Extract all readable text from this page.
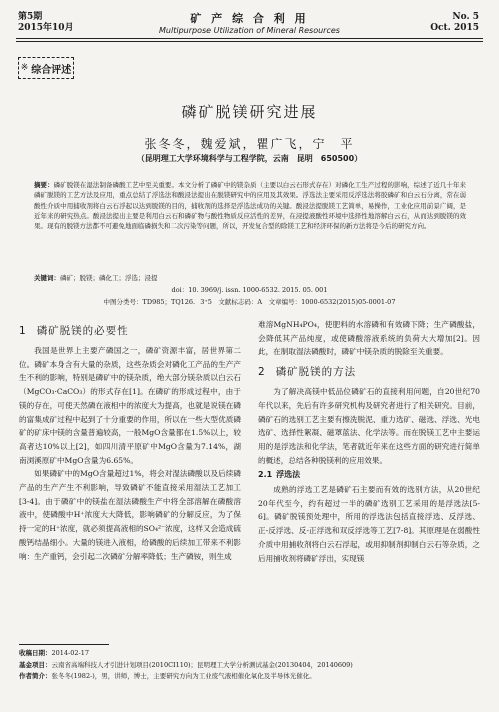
第5期
2015年10月
矿 产 综 合 利 用
Multipurpose Utilization of Mineral Resources
No. 5
Oct. 2015
※ 综合评述
磷矿脱镁研究进展
张冬冬，魏爱斌，瞿广飞，宁　平
（昆明理工大学环境科学与工程学院，云南　昆明　650500）
摘要：磷矿脱镁在湿法制备磷酸工艺中至关重要。本文分析了磷矿中的镁杂质（主要以白云石形式存在）对磷化工生产过程的影响，综述了近几十年来磷矿脱镁的工艺方法及应用，重点总结了浮选法和酸浸法提出在脱镁研究中的应用及其效果。浮选法主要采用反浮选法将胶磷矿和白云石分离，常在弱酸性介质中用捕收剂将白云石浮起以达到脱镁的目的，捕收剂的选择是浮选法成功的关键。酸浸法提脱镁工艺简单，易操作，工业化应用前景广阔，是近年来的研究热点。酸浸法提出主要是利用白云石和磷矿物与酸性物质反应活性的差异，在浸提液酸性环境中选择性地溶解白云石，从而达到脱镁的效果。现有的脱镁方法都不可避免地面临磷损失和二次污染等问题，所以，开发复合型的除镁工艺和经济环保的新方法将是今后的研究方向。
关键词：磷矿；脱镁；磷化工；浮选；浸提
doi：10. 3969/j. issn. 1000-6532. 2015. 05. 001
中图分类号：TD985；TQ126. 3⁺5　文献标志码：A　文章编号：1000-6532(2015)05-0001-07
1 磷矿脱镁的必要性

我国是世界上主要产磷国之一，磷矿资源丰富，居世界第二位。磷矿本身含有大量的杂质，这些杂质会对磷化工产品的生产产生不利的影响，特别是磷矿中的镁杂质，绝大部分镁杂质以白云石（MgCO₃·CaCO₃）的形式存在[1]。在磷矿的形成过程中，由于镁的存在，可使天然磷在液相中的浓度大为提高，也就是说镁在磷的富集成矿过程中起到了十分重要的作用，所以在一些大型优质磷矿的矿床中镁的含量普遍较高，一般MgO含量都在1.5%以上，较高者达10%以上[2]，如四川清平原矿中MgO含量为7.14%，湖南浏溪原矿中MgO含量为6.65%。

如果磷矿中的MgO含量超过1%，将会对湿法磷酸以及后续磷产品的生产产生不利影响，导致磷矿不能直接采用湿法工艺加工[3-4]。由于磷矿中的镁盐在湿法磷酸生产中将全部溶解在磷酸溶液中，使磷酸中H⁺浓度大大降低，影响磷矿的分解反应，为了保持一定的H⁺浓度，就必须提高液相的SO₄²⁻浓度，这样又会造成硫酸钙结晶细小。大量的镁进入液相，给磷酸的后续加工带来不利影响：生产重钙，会引起二次磷矿分解率降低；生产磷铵，则生成

难溶MgNH₄PO₄，使肥料的水溶磷和有效磷下降；生产磷酸盐，会降低其产品纯度，或使磷酸溶液系统的负荷大大增加[2]。因此，在制取湿法磷酸时，磷矿中镁杂质的脱除至关重要。

2 磷矿脱镁的方法

为了解决高镁中低品位磷矿石的直接利用问题，自20世纪70年代以来，先后有许多研究机构及研究者进行了相关研究。目前，磷矿石的选别工艺主要有擦洗脱泥、重力选矿、磁选、浮选、光电选矿、选择性絮凝、磁罩蓝法、化学法等。而在脱镁工艺中主要运用的是浮选法和化学法，笔者就近年来在这些方面的研究进行简单的概述，总结各种脱镁利的应用效果。

2.1  浮选法

成熟的浮选工艺是磷矿石主要而有效的选别方法，从20世纪20年代至今，约有超过一半的磷矿选别工艺采用的是浮选法[5-6]。磷矿脱镁预处理中，所用的浮选法包括直接浮选、反浮选、正-反浮选、反-正浮选和双反浮选等工艺[7-8]。其原理是在弱酸性介质中用捕收剂将白云石浮起，或用抑制剂抑制白云石等杂质，之后用捕收剂将磷矿浮出，实现镁

收稿日期：2014-02-17
基金项目：云南省高端科技人才引进计划项目(2010CI110)；昆明理工大学分析测试基金(20130404，20140609)
作者简介：张冬冬(1982-)，男，讲师，博士，主要研究方向为工业废气液相催化氧化及半导体光催化。
